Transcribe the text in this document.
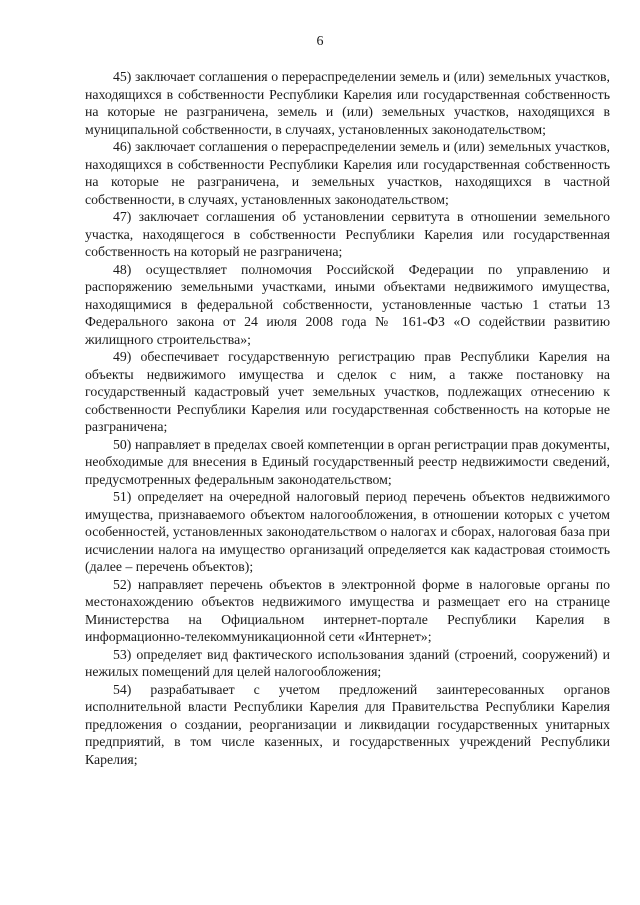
6

45) заключает соглашения о перераспределении земель и (или) земельных участков, находящихся в собственности Республики Карелия или государственная собственность на которые не разграничена, земель и (или) земельных участков, находящихся в муниципальной собственности, в случаях, установленных законодательством;

46) заключает соглашения о перераспределении земель и (или) земельных участков, находящихся в собственности Республики Карелия или государственная собственность на которые не разграничена, и земельных участков, находящихся в частной собственности, в случаях, установленных законодательством;

47) заключает соглашения об установлении сервитута в отношении земельного участка, находящегося в собственности Республики Карелия или государственная собственность на который не разграничена;

48) осуществляет полномочия Российской Федерации по управлению и распоряжению земельными участками, иными объектами недвижимого имущества, находящимися в федеральной собственности, установленные частью 1 статьи 13 Федерального закона от 24 июля 2008 года № 161-ФЗ «О содействии развитию жилищного строительства»;

49) обеспечивает государственную регистрацию прав Республики Карелия на объекты недвижимого имущества и сделок с ним, а также постановку на государственный кадастровый учет земельных участков, подлежащих отнесению к собственности Республики Карелия или государственная собственность на которые не разграничена;

50) направляет в пределах своей компетенции в орган регистрации прав документы, необходимые для внесения в Единый государственный реестр недвижимости сведений, предусмотренных федеральным законодательством;

51) определяет на очередной налоговый период перечень объектов недвижимого имущества, признаваемого объектом налогообложения, в отношении которых с учетом особенностей, установленных законодательством о налогах и сборах, налоговая база при исчислении налога на имущество организаций определяется как кадастровая стоимость (далее – перечень объектов);

52) направляет перечень объектов в электронной форме в налоговые органы по местонахождению объектов недвижимого имущества и размещает его на странице Министерства на Официальном интернет-портале Республики Карелия в информационно-телекоммуникационной сети «Интернет»;

53) определяет вид фактического использования зданий (строений, сооружений) и нежилых помещений для целей налогообложения;

54) разрабатывает с учетом предложений заинтересованных органов исполнительной власти Республики Карелия для Правительства Республики Карелия предложения о создании, реорганизации и ликвидации государственных унитарных предприятий, в том числе казенных, и государственных учреждений Республики Карелия;
